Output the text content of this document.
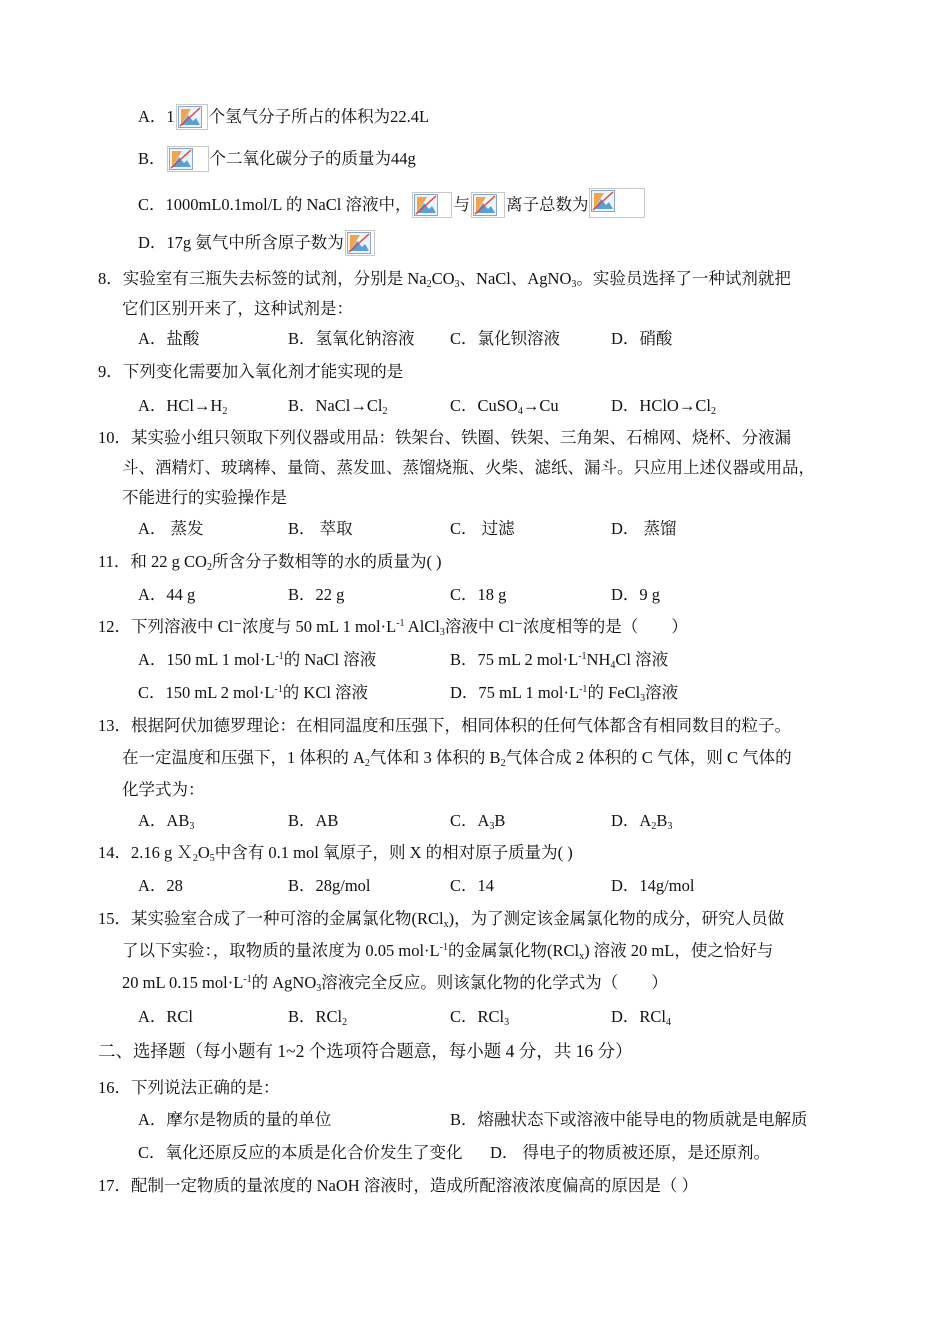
A．1 个氢气分子所占的体积为22.4L
B．	个二氧化碳分子的质量为44g
C．1000mL0.1mol/L 的 NaCl 溶液中，	与 离子总数为
D．17g 氨气中所含原子数为
8．实验室有三瓶失去标签的试剂，分别是 $Na_2CO_3$、NaCl、AgNO$_3$。实验员选择了一种试剂就把
它们区别开来了，这种试剂是：
A．盐酸	B．氢氧化钠溶液 C．氯化钡溶液	D．硝酸
9．下列变化需要加入氧化剂才能实现的是
A．$HCl\to H_2$	B．$NaCl\to Cl_2$	C．CuSO$_4$→Cu	D．$HClO\to Cl_2$
10．某实验小组只领取下列仪器或用品：铁架台、铁圈、铁架、三角架、石棉网、烧杯、分液漏
斗、酒精灯、玻璃棒、量筒、蒸发皿、蒸馏烧瓶、火柴、滤纸、漏斗。只应用上述仪器或用品，
不能进行的实验操作是
A． 蒸发	B． 萃取	C． 过滤	D． 蒸馏
11．和 22 g $CO_2$所含分子数相等的水的质量为( )
A．44 g	B．22 g	C．18 g	D．9 g
12．下列溶液中 Cl⁻浓度与 50 mL 1 $mol\cdot L^{-1}$ AlCl$_3$溶液中 Cl⁻浓度相等的是（　　）
A．150 mL 1 $mol\cdot L^{-1}$的 NaCl 溶液	B．75 mL 2 $mol\cdot L^{-1}NH_4Cl$ 溶液
C．150 mL 2 $mol\cdot L^{-1}$的 KCl 溶液	D．75 mL 1 $mol\cdot L^{-1}$的 FeCl$_3$溶液
13．根据阿伏加德罗理论：在相同温度和压强下，相同体积的任何气体都含有相同数目的粒子。
在一定温度和压强下，1 体积的 $A_2$气体和 3 体积的 $B_2$气体合成 2 体积的 C 气体，则 C 气体的
化学式为：
A．$AB_3$	B．AB	C．$A_3B$	D．$A_2B_3$
14．2.16 g $X_2O_5$中含有 0.1 mol 氧原子，则 X 的相对原子质量为( )
A．28	B．28g/mol	C．14	D．14g/mol
15．某实验室合成了一种可溶的金属氯化物(RCl$_x$)，为了测定该金属氯化物的成分，研究人员做
了以下实验：，取物质的量浓度为 0.05 $mol\cdot L^{-1}$的金属氯化物(RCl$_x$) 溶液 20 mL，使之恰好与
20 mL 0.15 $mol\cdot L^{-1}$的 AgNO$_3$溶液完全反应。则该氯化物的化学式为（　　）
A．RCl	B．RCl$_2$	C．RCl$_3$	D．RCl$_4$
二、选择题（每小题有 1~2 个选项符合题意，每小题 4 分，共 16 分）
16．下列说法正确的是：
A．摩尔是物质的量的单位	B．熔融状态下或溶液中能导电的物质就是电解质
C．氧化还原反应的本质是化合价发生了变化 D． 得电子的物质被还原，是还原剂。
17．配制一定物质的量浓度的 NaOH 溶液时，造成所配溶液浓度偏高的原因是（ ）
